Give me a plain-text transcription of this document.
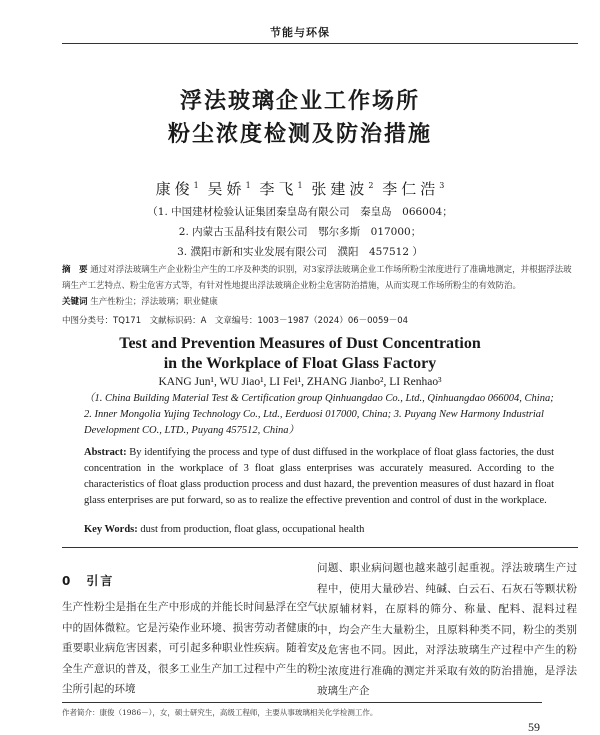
节能与环保
浮法玻璃企业工作场所
粉尘浓度检测及防治措施
康俊$^1$ 吴娇$^1$ 李飞$^1$ 张建波$^2$ 李仁浩$^3$
（1. 中国建材检验认证集团秦皇岛有限公司　秦皇岛　066004；
2. 内蒙古玉晶科技有限公司　鄂尔多斯　017000；
3. 濮阳市新和实业发展有限公司　濮阳　457512 ）
摘　要 通过对浮法玻璃生产企业粉尘产生的工序及种类的识别，对3家浮法玻璃企业工作场所粉尘浓度进行了准确地测定，并根据浮法玻璃生产工艺特点、粉尘危害方式等，有针对性地提出浮法玻璃企业粉尘危害防治措施，从而实现工作场所粉尘的有效防治。
关键词 生产性粉尘；浮法玻璃；职业健康
中图分类号：TQ171　文献标识码：A　文章编号：1003－1987（2024）06－0059－04
Test and Prevention Measures of Dust Concentration
in the Workplace of Float Glass Factory
KANG Jun¹, WU Jiao¹, LI Fei¹, ZHANG Jianbo², LI Renhao³
（1. China Building Material Test & Certification group Qinhuangdao Co., Ltd., Qinhuangdao 066004, China; 2. Inner Mongolia Yujing Technology Co., Ltd., Eerduosi 017000, China; 3. Puyang New Harmony Industrial Development CO., LTD., Puyang 457512, China）
Abstract: By identifying the process and type of dust diffused in the workplace of float glass factories, the dust concentration in the workplace of 3 float glass enterprises was accurately measured. According to the characteristics of float glass production process and dust hazard, the prevention measures of dust hazard in float glass enterprises are put forward, so as to realize the effective prevention and control of dust in the workplace.
Key Words: dust from production, float glass, occupational health
0　引言
生产性粉尘是指在生产中形成的并能长时间悬浮在空气中的固体微粒。它是污染作业环境、损害劳动者健康的重要职业病危害因素，可引起多种职业性疾病。随着安全生产意识的普及，很多工业生产加工过程中产生的粉尘所引起的环境
问题、职业病问题也越来越引起重视。浮法玻璃生产过程中，使用大量砂岩、纯碱、白云石、石灰石等颗状粉状原辅材料，在原料的筛分、称量、配料、混料过程中，均会产生大量粉尘，且原料种类不同，粉尘的类别及危害也不同。因此，对浮法玻璃生产过程中产生的粉尘浓度进行准确的测定并采取有效的防治措施，是浮法玻璃生产企
作者简介：康俊（1986－），女，硕士研究生，高级工程师，主要从事玻璃相关化学检测工作。
59
